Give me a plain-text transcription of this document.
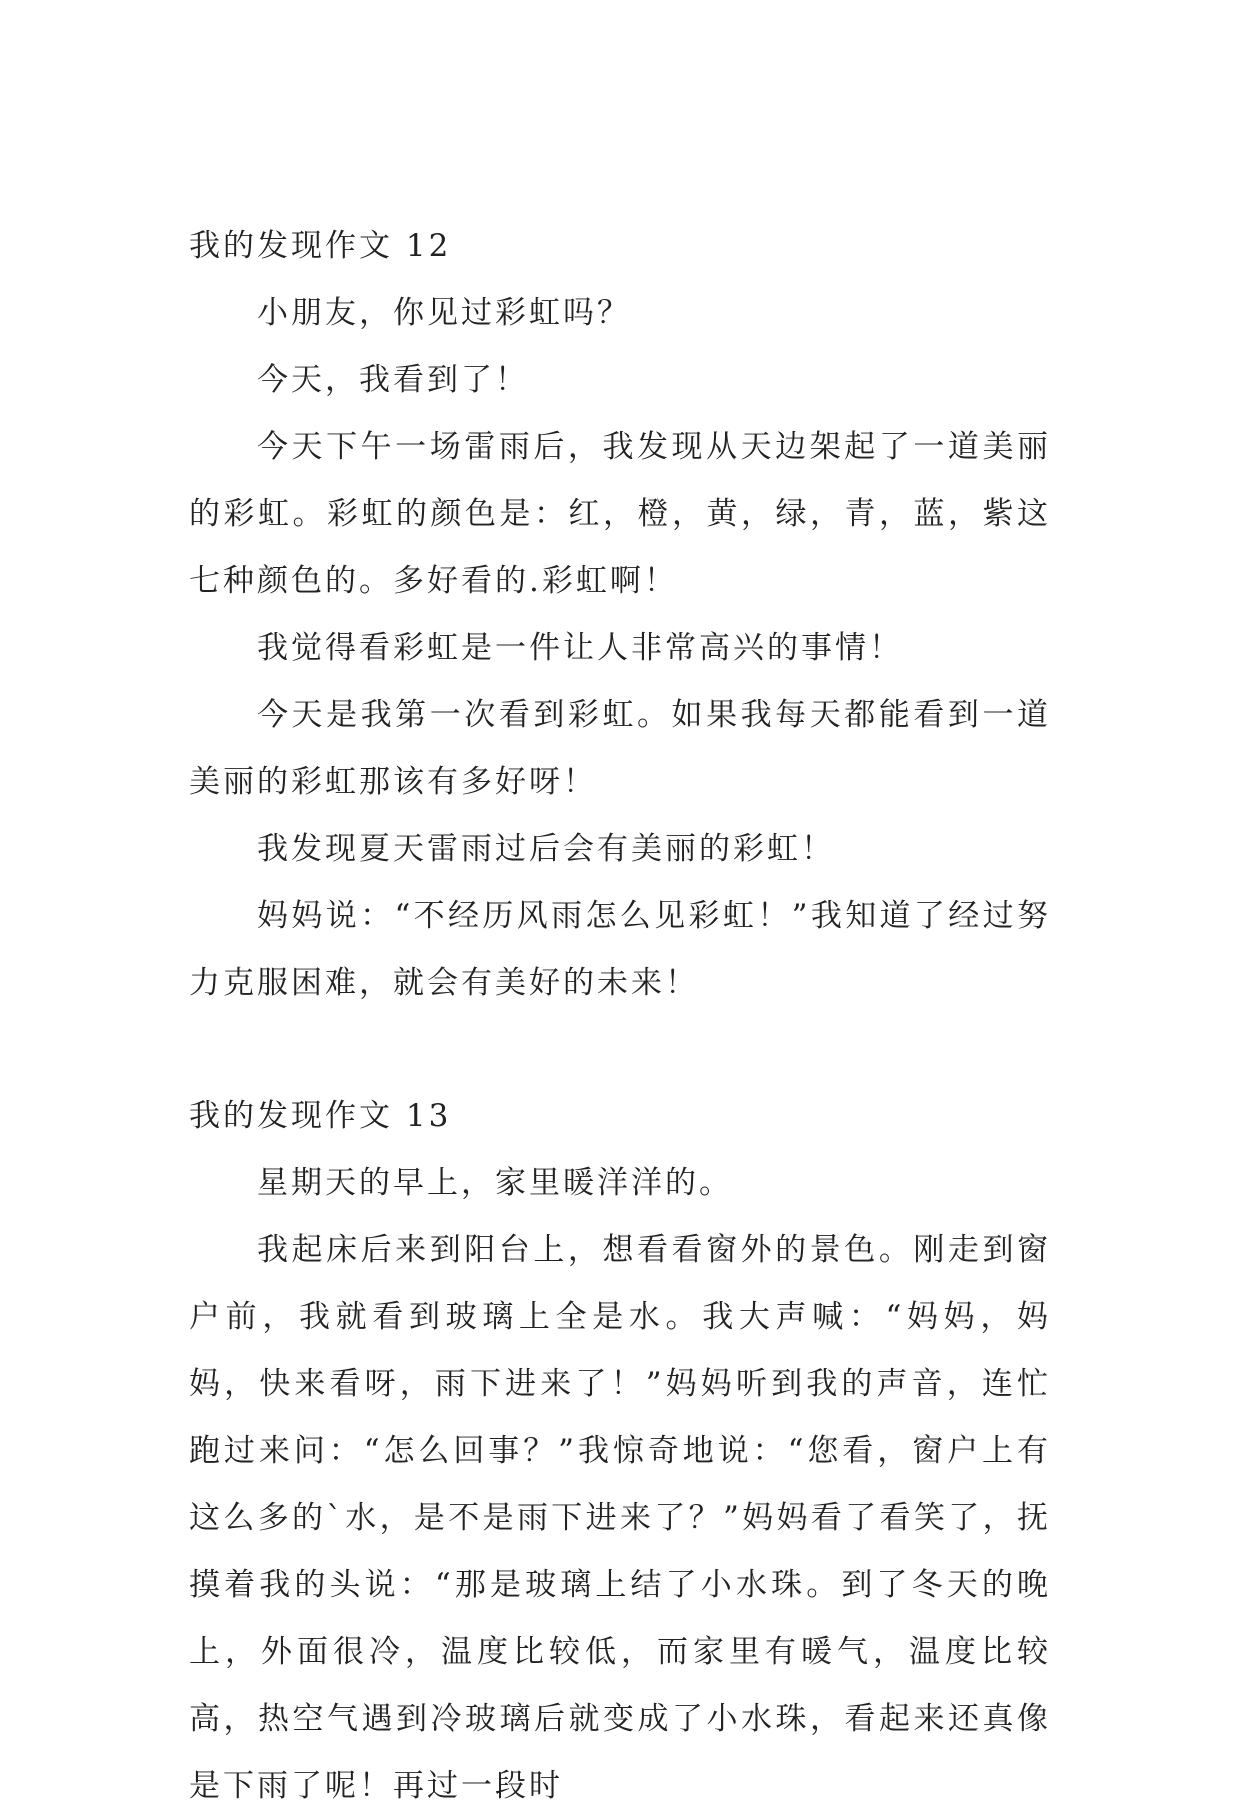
我的发现作文 12

小朋友，你见过彩虹吗？

今天，我看到了！

今天下午一场雷雨后，我发现从天边架起了一道美丽的彩虹。彩虹的颜色是：红，橙，黄，绿，青，蓝，紫这七种颜色的。多好看的.彩虹啊！

我觉得看彩虹是一件让人非常高兴的事情！

今天是我第一次看到彩虹。如果我每天都能看到一道美丽的彩虹那该有多好呀！

我发现夏天雷雨过后会有美丽的彩虹！

妈妈说：“不经历风雨怎么见彩虹！”我知道了经过努力克服困难，就会有美好的未来！

我的发现作文 13

星期天的早上，家里暖洋洋的。

我起床后来到阳台上，想看看窗外的景色。刚走到窗户前，我就看到玻璃上全是水。我大声喊：“妈妈，妈妈，快来看呀，雨下进来了！”妈妈听到我的声音，连忙跑过来问：“怎么回事？”我惊奇地说：“您看，窗户上有这么多的`水，是不是雨下进来了？”妈妈看了看笑了，抚摸着我的头说：“那是玻璃上结了小水珠。到了冬天的晚上，外面很冷，温度比较低，而家里有暖气，温度比较高，热空气遇到冷玻璃后就变成了小水珠，看起来还真像是下雨了呢！再过一段时
